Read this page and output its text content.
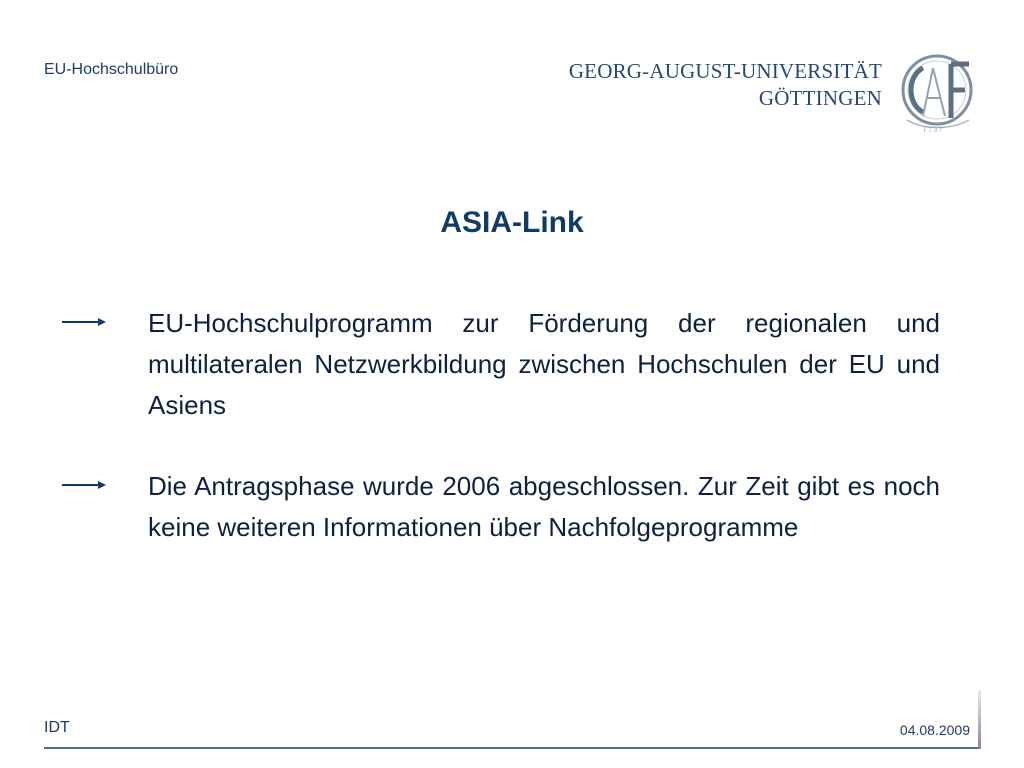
EU-Hochschulbüro	GEORG-AUGUST-UNIVERSITÄT
GÖTTINGEN
1 7 3 7
ASIA-Link
EU-Hochschulprogramm zur Förderung der regionalen und multilateralen Netzwerkbildung zwischen Hochschulen der EU und Asiens
Die Antragsphase wurde 2006 abgeschlossen. Zur Zeit gibt es noch keine weiteren Informationen über Nachfolgeprogramme
IDT	04.08.2009
